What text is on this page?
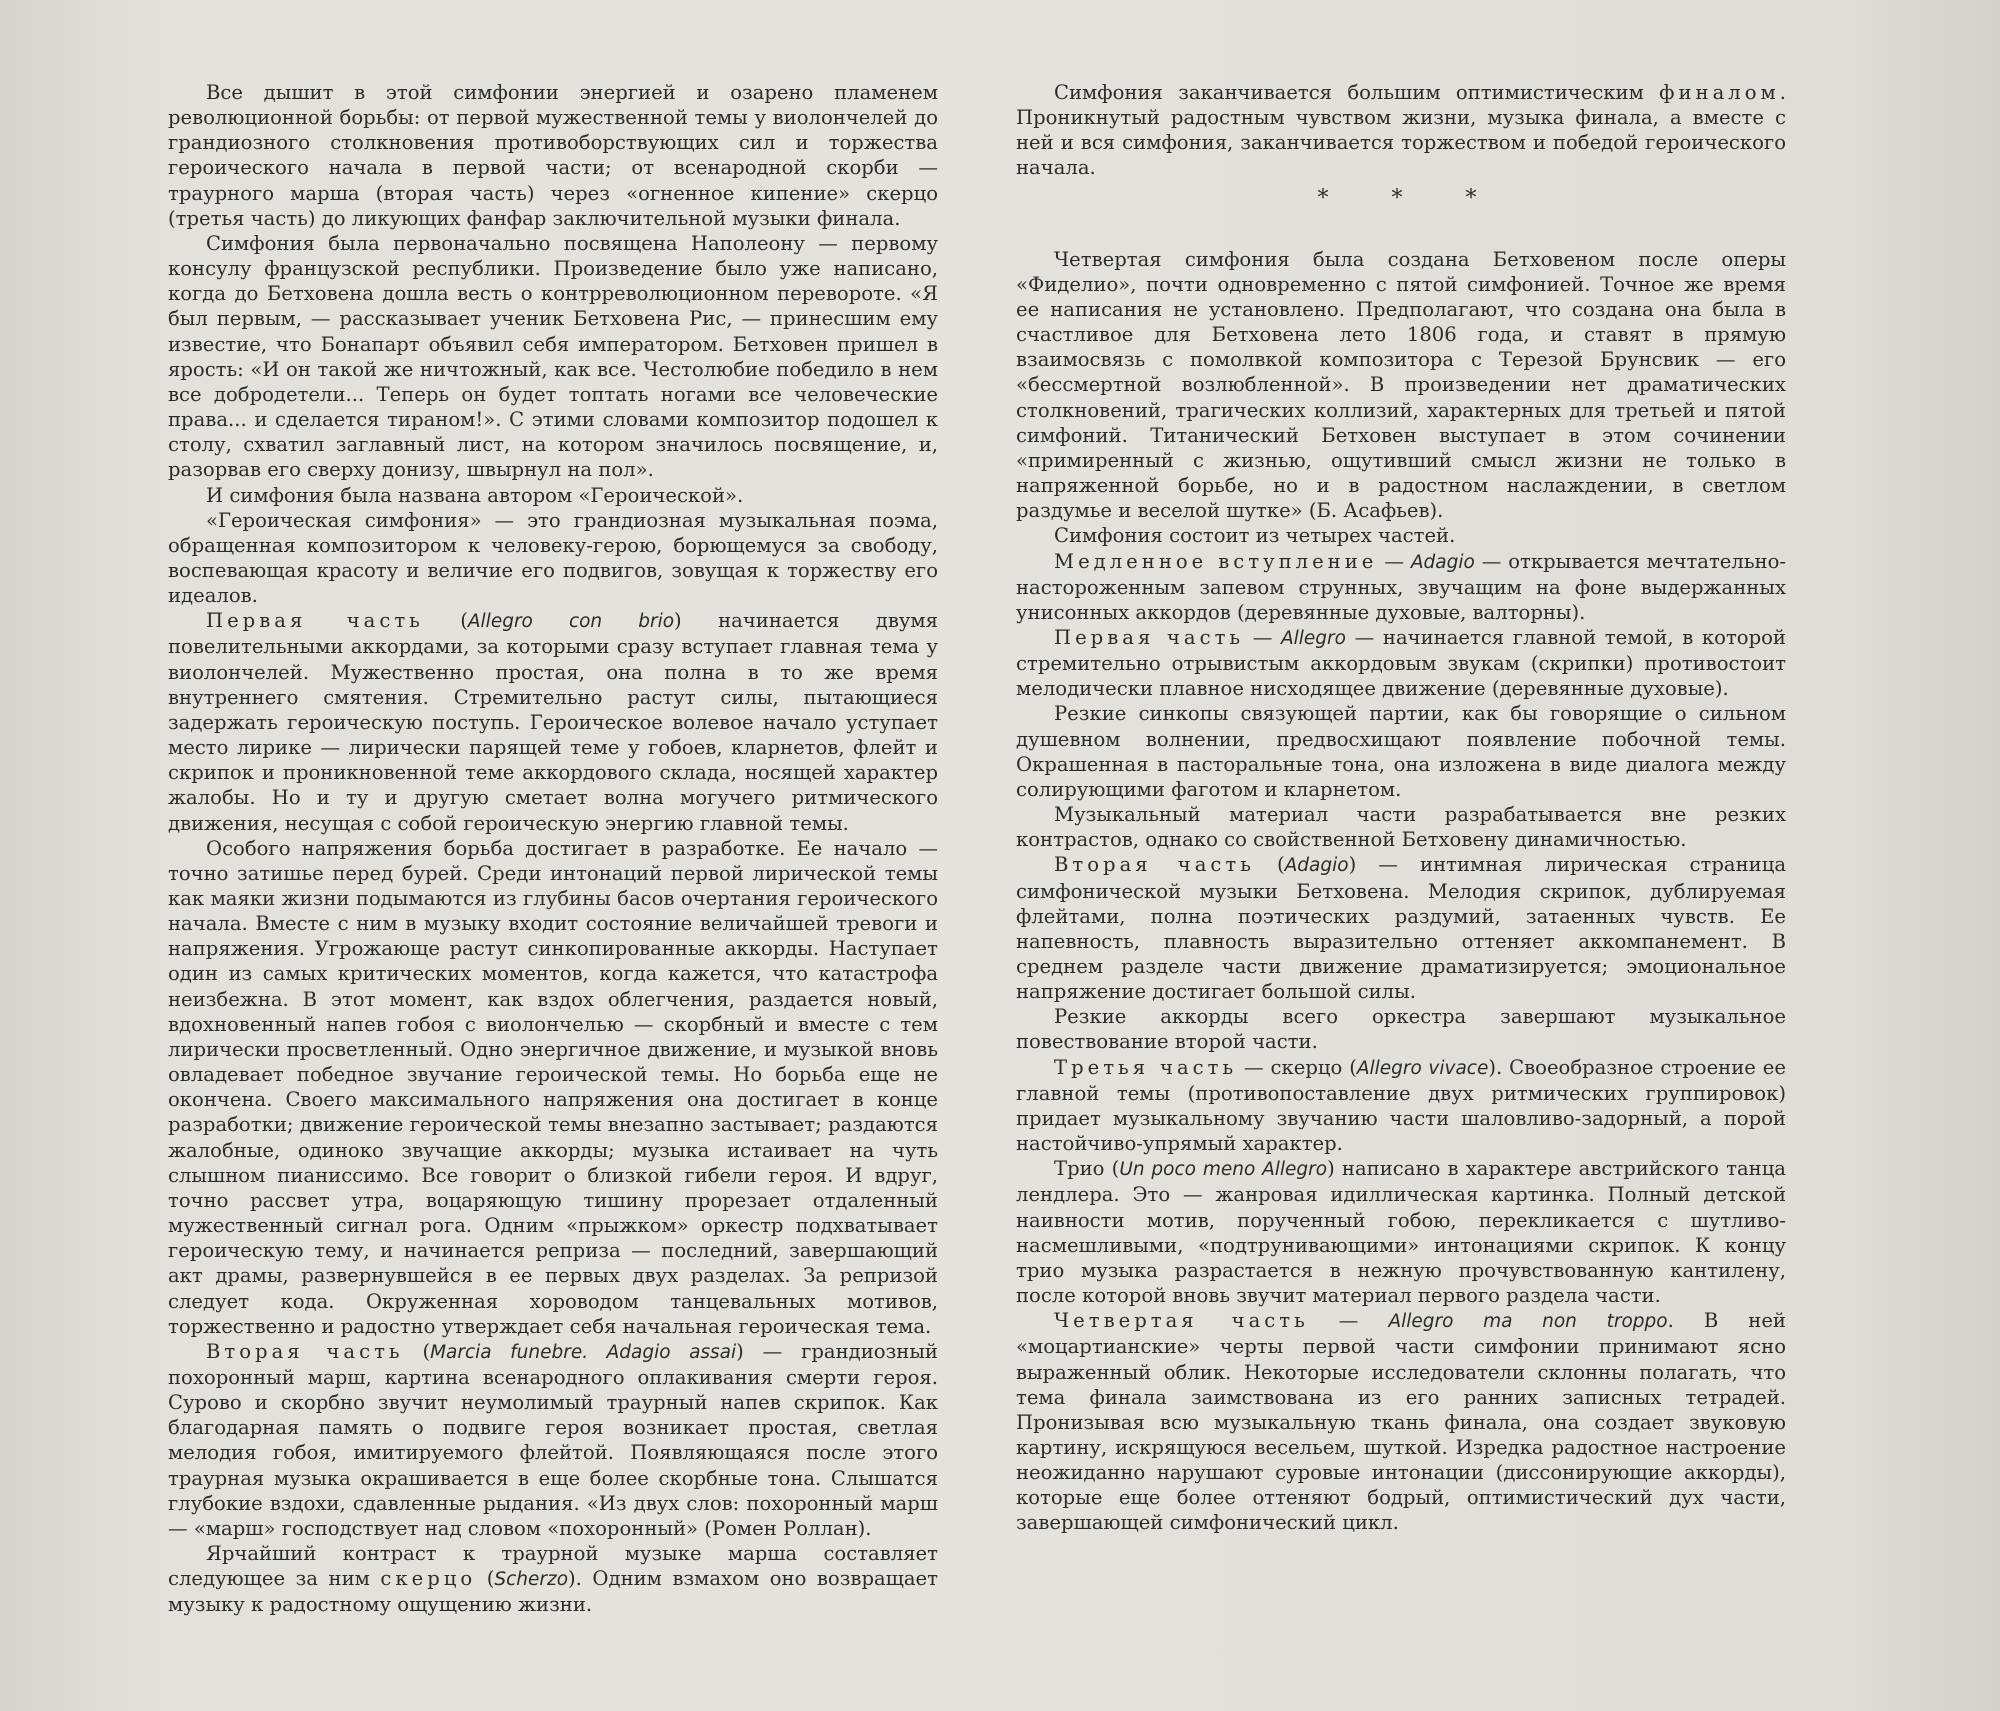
Все дышит в этой симфонии энергией и озарено пламенем революционной борьбы: от первой мужественной темы у виолончелей до грандиозного столкновения противоборствующих сил и торжества героического начала в первой части; от всенародной скорби — траурного марша (вторая часть) через «огненное кипение» скерцо (третья часть) до ликующих фанфар заключительной музыки финала.

Симфония была первоначально посвящена Наполеону — первому консулу французской республики. Произведение было уже написано, когда до Бетховена дошла весть о контрреволюционном перевороте. «Я был первым, — рассказывает ученик Бетховена Рис, — принесшим ему известие, что Бонапарт объявил себя императором. Бетховен пришел в ярость: «И он такой же ничтожный, как все. Честолюбие победило в нем все добродетели... Теперь он будет топтать ногами все человеческие права... и сделается тираном!». С этими словами композитор подошел к столу, схватил заглавный лист, на котором значилось посвящение, и, разорвав его сверху донизу, швырнул на пол».

И симфония была названа автором «Героической».

«Героическая симфония» — это грандиозная музыкальная поэма, обращенная композитором к человеку-герою, борющемуся за свободу, воспевающая красоту и величие его подвигов, зовущая к торжеству его идеалов.

Первая часть (Allegro con brio) начинается двумя повелительными аккордами, за которыми сразу вступает главная тема у виолончелей. Мужественно простая, она полна в то же время внутреннего смятения. Стремительно растут силы, пытающиеся задержать героическую поступь. Героическое волевое начало уступает место лирике — лирически парящей теме у гобоев, кларнетов, флейт и скрипок и проникновенной теме аккордового склада, носящей характер жалобы. Но и ту и другую сметает волна могучего ритмического движения, несущая с собой героическую энергию главной темы.

Особого напряжения борьба достигает в разработке. Ее начало — точно затишье перед бурей. Среди интонаций первой лирической темы как маяки жизни подымаются из глубины басов очертания героического начала. Вместе с ним в музыку входит состояние величайшей тревоги и напряжения. Угрожающе растут синкопированные аккорды. Наступает один из самых критических моментов, когда кажется, что катастрофа неизбежна. В этот момент, как вздох облегчения, раздается новый, вдохновенный напев гобоя с виолончелью — скорбный и вместе с тем лирически просветленный. Одно энергичное движение, и музыкой вновь овладевает победное звучание героической темы. Но борьба еще не окончена. Своего максимального напряжения она достигает в конце разработки; движение героической темы внезапно застывает; раздаются жалобные, одиноко звучащие аккорды; музыка истаивает на чуть слышном пианиссимо. Все говорит о близкой гибели героя. И вдруг, точно рассвет утра, воцаряющую тишину прорезает отдаленный мужественный сигнал рога. Одним «прыжком» оркестр подхватывает героическую тему, и начинается реприза — последний, завершающий акт драмы, развернувшейся в ее первых двух разделах. За репризой следует кода. Окруженная хороводом танцевальных мотивов, торжественно и радостно утверждает себя начальная героическая тема.

Вторая часть (Marcia funebre. Adagio assai) — грандиозный похоронный марш, картина всенародного оплакивания смерти героя. Сурово и скорбно звучит неумолимый траурный напев скрипок. Как благодарная память о подвиге героя возникает простая, светлая мелодия гобоя, имитируемого флейтой. Появляющаяся после этого траурная музыка окрашивается в еще более скорбные тона. Слышатся глубокие вздохи, сдавленные рыдания. «Из двух слов: похоронный марш — «марш» господствует над словом «похоронный» (Ромен Роллан).

Ярчайший контраст к траурной музыке марша составляет следующее за ним скерцо (Scherzo). Одним взмахом оно возвращает музыку к радостному ощущению жизни.

Симфония заканчивается большим оптимистическим финалом. Проникнутый радостным чувством жизни, музыка финала, а вместе с ней и вся симфония, заканчивается торжеством и победой героического начала.

* * *

Четвертая симфония была создана Бетховеном после оперы «Фиделио», почти одновременно с пятой симфонией. Точное же время ее написания не установлено. Предполагают, что создана она была в счастливое для Бетховена лето 1806 года, и ставят в прямую взаимосвязь с помолвкой композитора с Терезой Брунсвик — его «бессмертной возлюбленной». В произведении нет драматических столкновений, трагических коллизий, характерных для третьей и пятой симфоний. Титанический Бетховен выступает в этом сочинении «примиренный с жизнью, ощутивший смысл жизни не только в напряженной борьбе, но и в радостном наслаждении, в светлом раздумье и веселой шутке» (Б. Асафьев).

Симфония состоит из четырех частей.

Медленное вступление — Adagio — открывается мечтательно-настороженным запевом струнных, звучащим на фоне выдержанных унисонных аккордов (деревянные духовые, валторны).

Первая часть — Allegro — начинается главной темой, в которой стремительно отрывистым аккордовым звукам (скрипки) противостоит мелодически плавное нисходящее движение (деревянные духовые).

Резкие синкопы связующей партии, как бы говорящие о сильном душевном волнении, предвосхищают появление побочной темы. Окрашенная в пасторальные тона, она изложена в виде диалога между солирующими фаготом и кларнетом.

Музыкальный материал части разрабатывается вне резких контрастов, однако со свойственной Бетховену динамичностью.

Вторая часть (Adagio) — интимная лирическая страница симфонической музыки Бетховена. Мелодия скрипок, дублируемая флейтами, полна поэтических раздумий, затаенных чувств. Ее напевность, плавность выразительно оттеняет аккомпанемент. В среднем разделе части движение драматизируется; эмоциональное напряжение достигает большой силы.

Резкие аккорды всего оркестра завершают музыкальное повествование второй части.

Третья часть — скерцо (Allegro vivace). Своеобразное строение ее главной темы (противопоставление двух ритмических группировок) придает музыкальному звучанию части шаловливо-задорный, а порой настойчиво-упрямый характер.

Трио (Un poco meno Allegro) написано в характере австрийского танца лендлера. Это — жанровая идиллическая картинка. Полный детской наивности мотив, порученный гобою, перекликается с шутливо-насмешливыми, «подтрунивающими» интонациями скрипок. К концу трио музыка разрастается в нежную прочувствованную кантилену, после которой вновь звучит материал первого раздела части.

Четвертая часть — Allegro ma non troppo. В ней «моцартианские» черты первой части симфонии принимают ясно выраженный облик. Некоторые исследователи склонны полагать, что тема финала заимствована из его ранних записных тетрадей. Пронизывая всю музыкальную ткань финала, она создает звуковую картину, искрящуюся весельем, шуткой. Изредка радостное настроение неожиданно нарушают суровые интонации (диссонирующие аккорды), которые еще более оттеняют бодрый, оптимистический дух части, завершающей симфонический цикл.
